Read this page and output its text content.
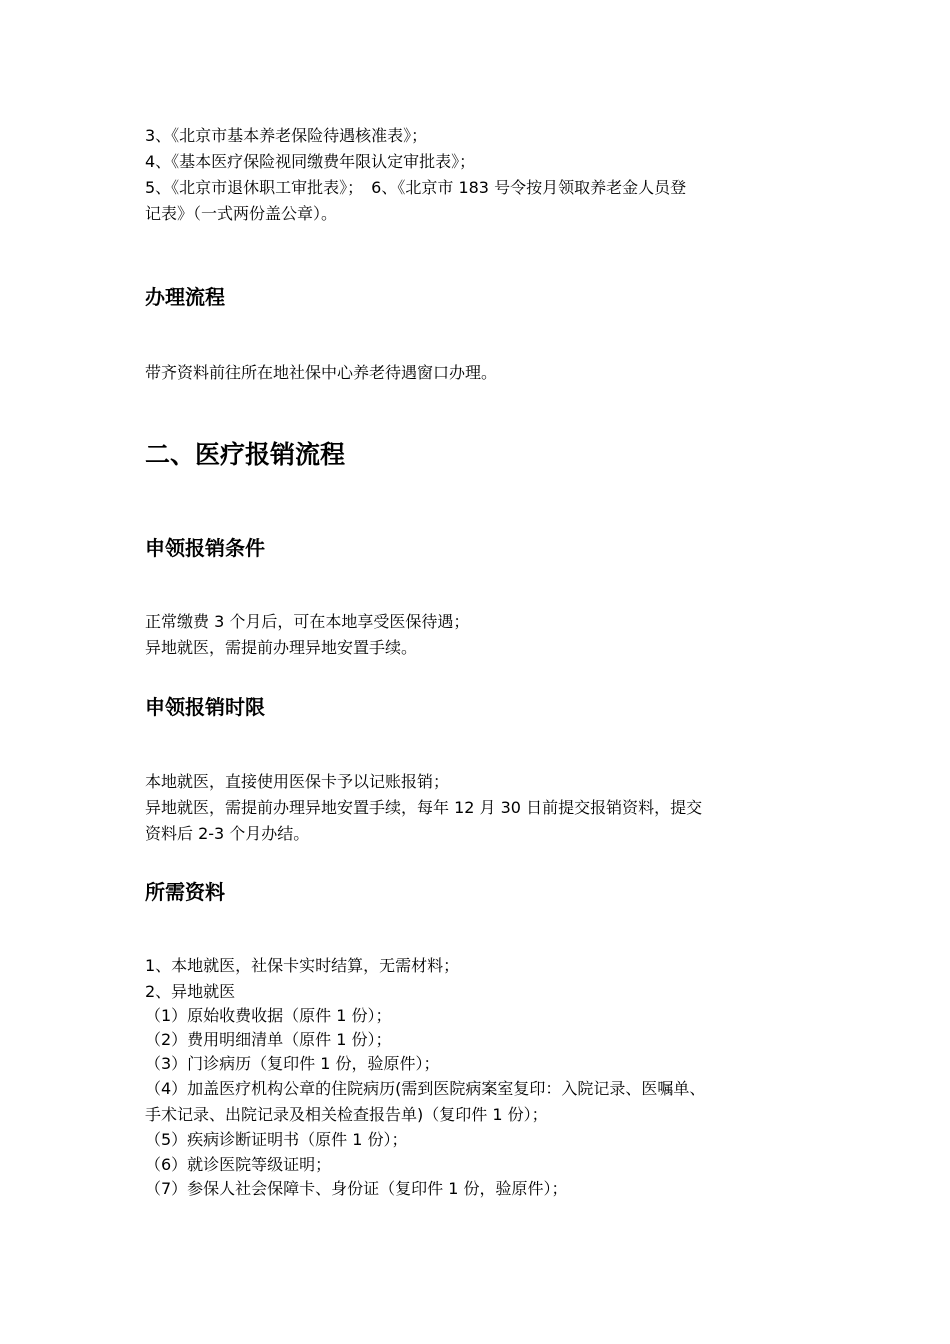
3、《北京市基本养老保险待遇核准表》；
4、《基本医疗保险视同缴费年限认定审批表》；
5、《北京市退休职工审批表》；　6、《北京市 183 号令按月领取养老金人员登
记表》（一式两份盖公章）。
办理流程
带齐资料前往所在地社保中心养老待遇窗口办理。
二、医疗报销流程
申领报销条件
正常缴费 3 个月后，可在本地享受医保待遇；
异地就医，需提前办理异地安置手续。
申领报销时限
本地就医，直接使用医保卡予以记账报销；
异地就医，需提前办理异地安置手续，每年 12 月 30 日前提交报销资料，提交
资料后 2-3 个月办结。
所需资料
1、本地就医，社保卡实时结算，无需材料；
2、异地就医
（1）原始收费收据（原件 1 份）；
（2）费用明细清单（原件 1 份）；
（3）门诊病历（复印件 1 份，验原件）；
（4）加盖医疗机构公章的住院病历(需到医院病案室复印：入院记录、医嘱单、
手术记录、出院记录及相关检查报告单)（复印件 1 份）；
（5）疾病诊断证明书（原件 1 份）；
（6）就诊医院等级证明；
（7）参保人社会保障卡、身份证（复印件 1 份，验原件）；
